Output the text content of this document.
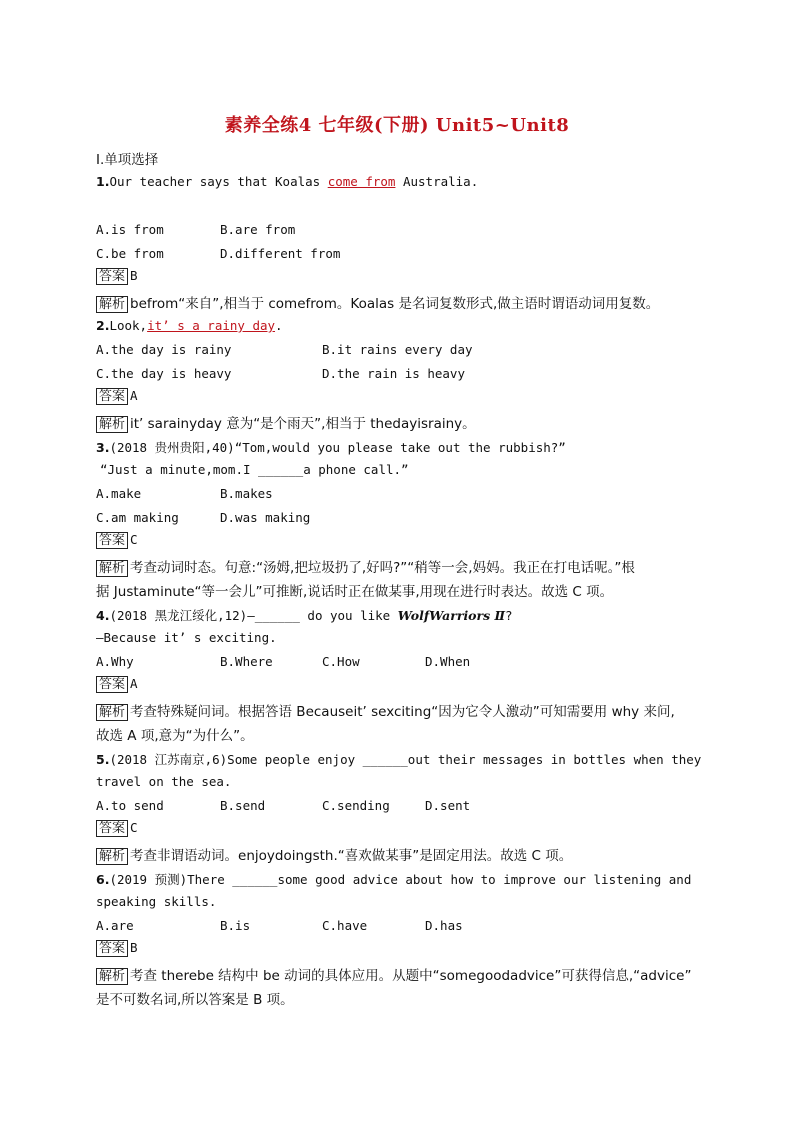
素养全练4 七年级(下册) Unit5~Unit8
Ⅰ.单项选择
1.Our teacher says that Koalas come from Australia.
A.is from	B.are from
C.be from	D.different from
答案 B
解析 befrom“来自”,相当于 comefrom。Koalas 是名词复数形式,做主语时谓语动词用复数。
2.Look,it’ s a rainy day.
A.the day is rainy	B.it rains every day
C.the day is heavy	D.the rain is heavy
答案 A
解析 it’ sarainyday 意为“是个雨天”,相当于 thedayisrainy。
3.(2018 贵州贵阳,40)“Tom,would you please take out the rubbish?”
“Just a minute,mom.I ______a phone call.”
A.make	B.makes
C.am making	D.was making
答案 C
解析 考查动词时态。句意:“汤姆,把垃圾扔了,好吗?”“稍等一会,妈妈。我正在打电话呢。”根
据 Justaminute“等一会儿”可推断,说话时正在做某事,用现在进行时表达。故选 C 项。
4.(2018 黑龙江绥化,12)—______ do you like WolfWarriors Ⅱ?
—Because it’ s exciting.
A.Why	B.Where	C.How	D.When
答案 A
解析 考查特殊疑问词。根据答语 Becauseit’ sexciting“因为它令人激动”可知需要用 why 来问,
故选 A 项,意为“为什么”。
5.(2018 江苏南京,6)Some people enjoy ______out their messages in bottles when they
travel on the sea.
A.to send	B.send	C.sending	D.sent
答案 C
解析 考查非谓语动词。enjoydoingsth.“喜欢做某事”是固定用法。故选 C 项。
6.(2019 预测)There ______some good advice about how to improve our listening and
speaking skills.
A.are	B.is	C.have	D.has
答案 B
解析 考查 therebe 结构中 be 动词的具体应用。从题中“somegoodadvice”可获得信息,“advice”
是不可数名词,所以答案是 B 项。
